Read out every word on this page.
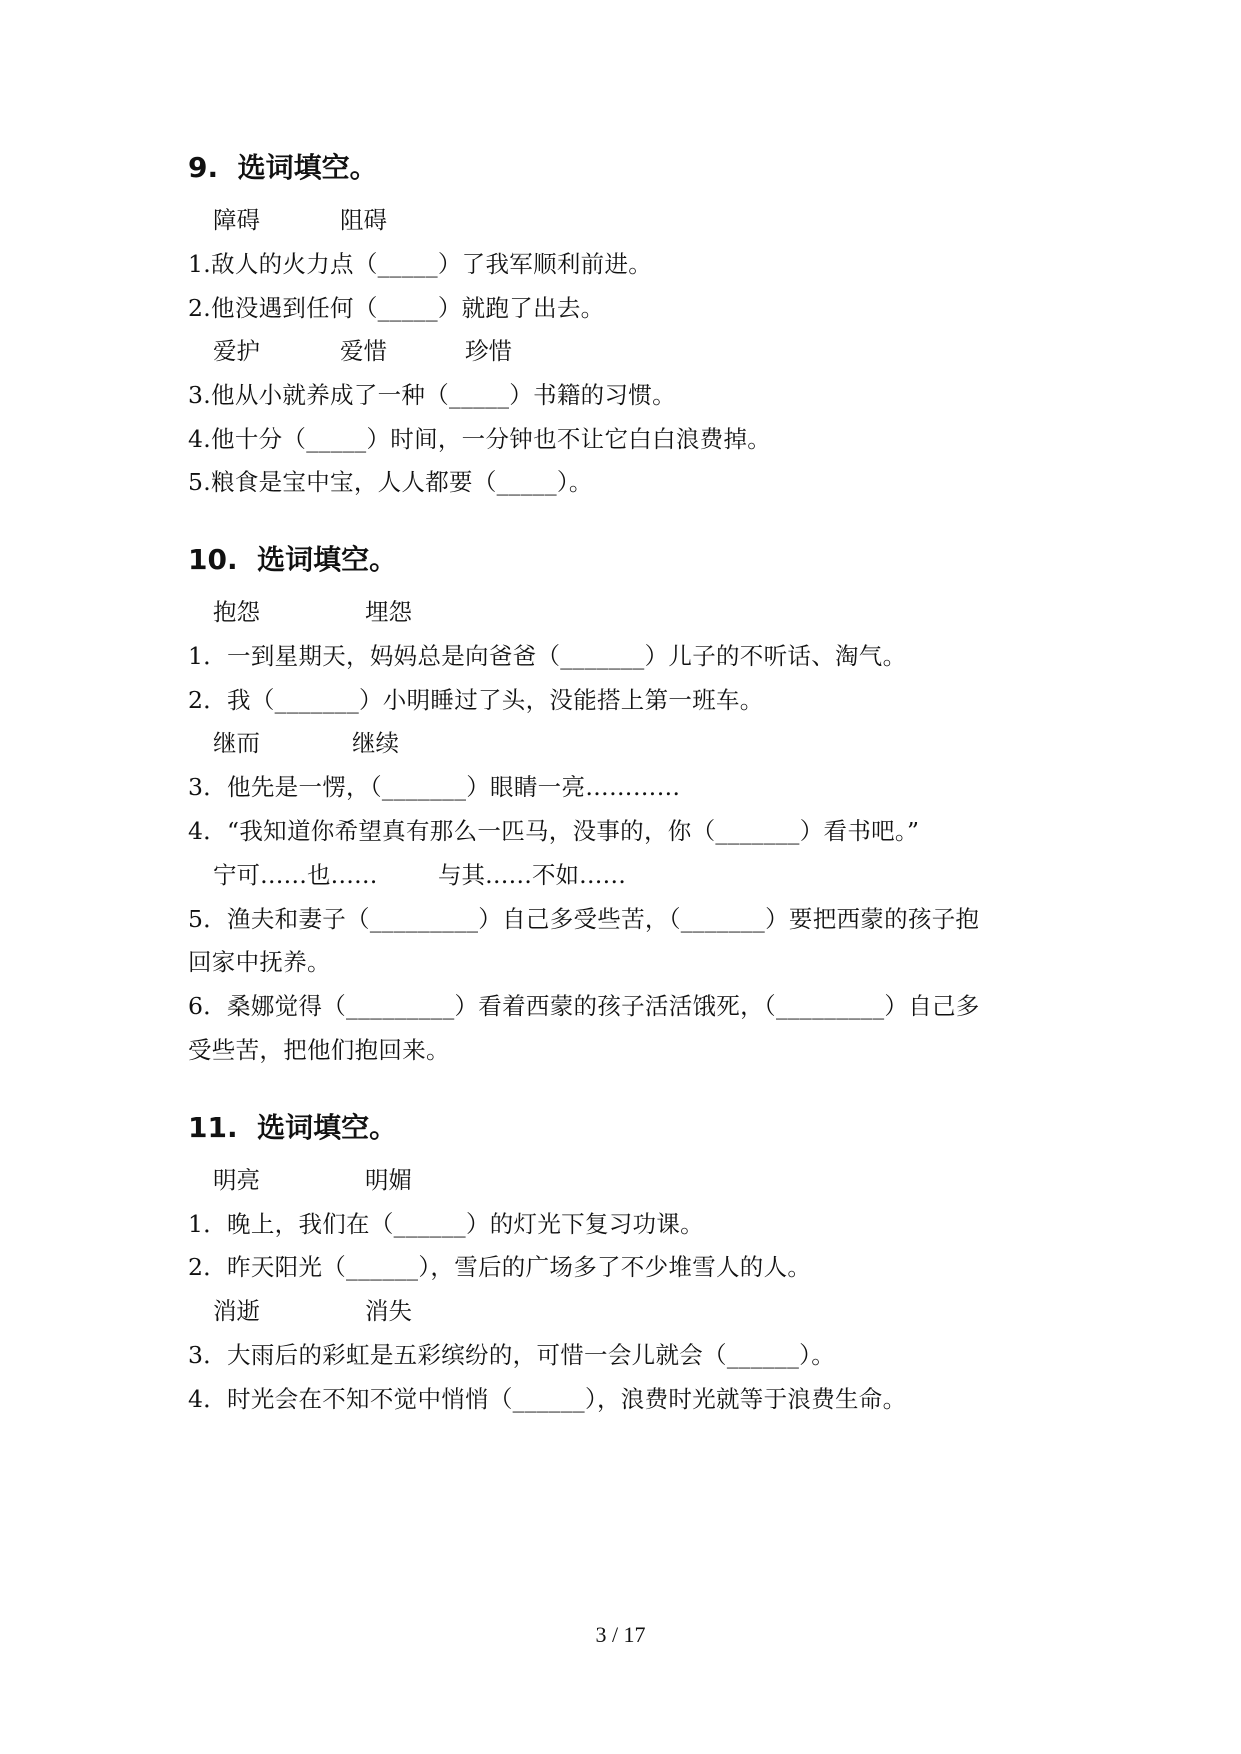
9.  选词填空。
障碍	阻碍
1.敌人的火力点（_____）了我军顺利前进。
2.他没遇到任何（_____）就跑了出去。
爱护	爱惜	珍惜
3.他从小就养成了一种（_____）书籍的习惯。
4.他十分（_____）时间，一分钟也不让它白白浪费掉。
5.粮食是宝中宝，人人都要（_____）。
10.  选词填空。
抱怨	埋怨
1．一到星期天，妈妈总是向爸爸（_______）儿子的不听话、淘气。
2．我（_______）小明睡过了头，没能搭上第一班车。
继而	继续
3．他先是一愣，（_______）眼睛一亮…………
4．“我知道你希望真有那么一匹马，没事的，你（_______）看书吧。”
宁可……也……	与其……不如……
5．渔夫和妻子（_________）自己多受些苦，（_______）要把西蒙的孩子抱
回家中抚养。
6．桑娜觉得（_________）看着西蒙的孩子活活饿死，（_________）自己多
受些苦，把他们抱回来。
11.  选词填空。
明亮	明媚
1．晚上，我们在（______）的灯光下复习功课。
2．昨天阳光（______），雪后的广场多了不少堆雪人的人。
消逝	消失
3．大雨后的彩虹是五彩缤纷的，可惜一会儿就会（______）。
4．时光会在不知不觉中悄悄（______），浪费时光就等于浪费生命。
3 / 17
